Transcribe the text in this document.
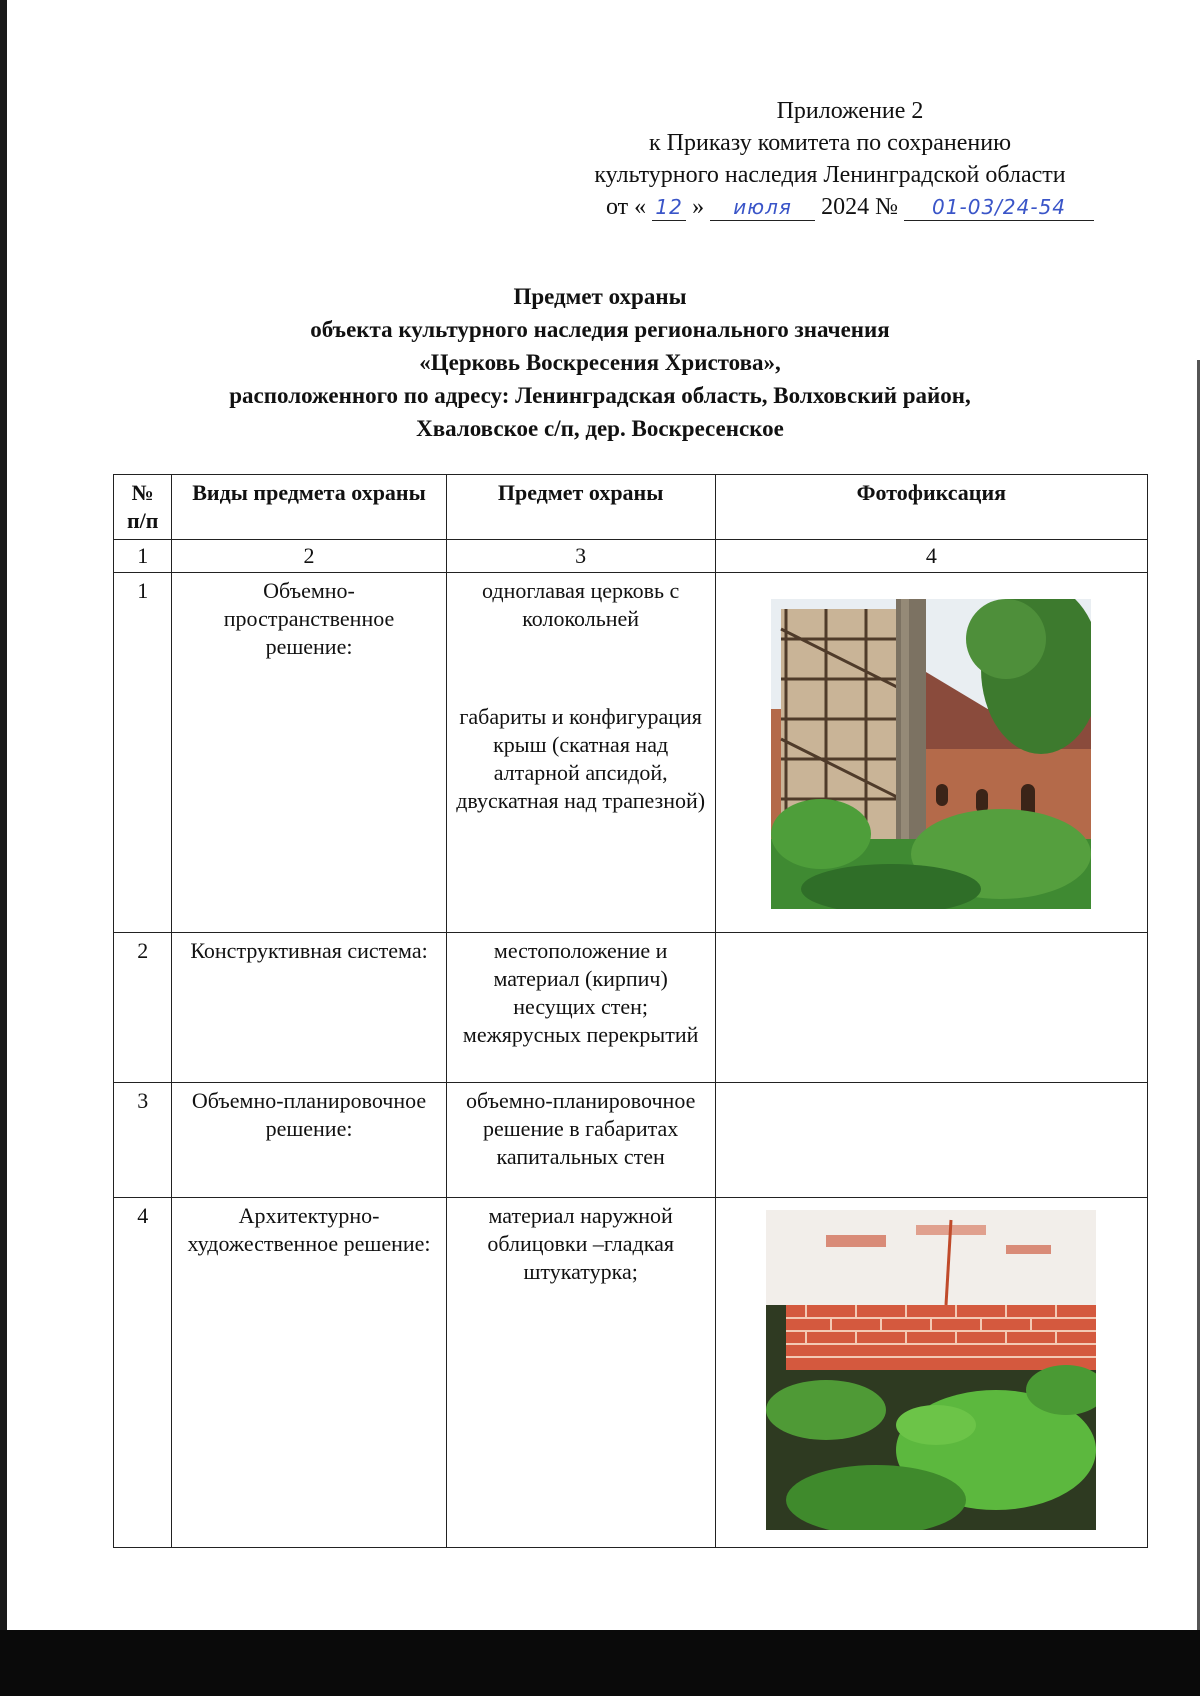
Приложение 2
к Приказу комитета по сохранению
культурного наследия Ленинградской области
от « 12 »	июля	2024 №	01-03/24-54
Предмет охраны
объекта культурного наследия регионального значения
«Церковь Воскресения Христова»,
расположенного по адресу: Ленинградская область, Волховский район,
Хваловское с/п, дер. Воскресенское
№ п/п	Виды предмета охраны	Предмет охраны	Фотофиксация
1	2	3	4
1	Объемно-пространственное решение:	одноглавая церковь с колокольней
габариты и конфигурация крыш (скатная над алтарной апсидой, двускатная над трапезной)

2	Конструктивная система:	местоположение и материал (кирпич) несущих стен; межярусных перекрытий	
3	Объемно-планировочное решение:	объемно-планировочное решение в габаритах капитальных стен	
4	Архитектурно-художественное решение:	материал наружной облицовки –гладкая штукатурка;	
